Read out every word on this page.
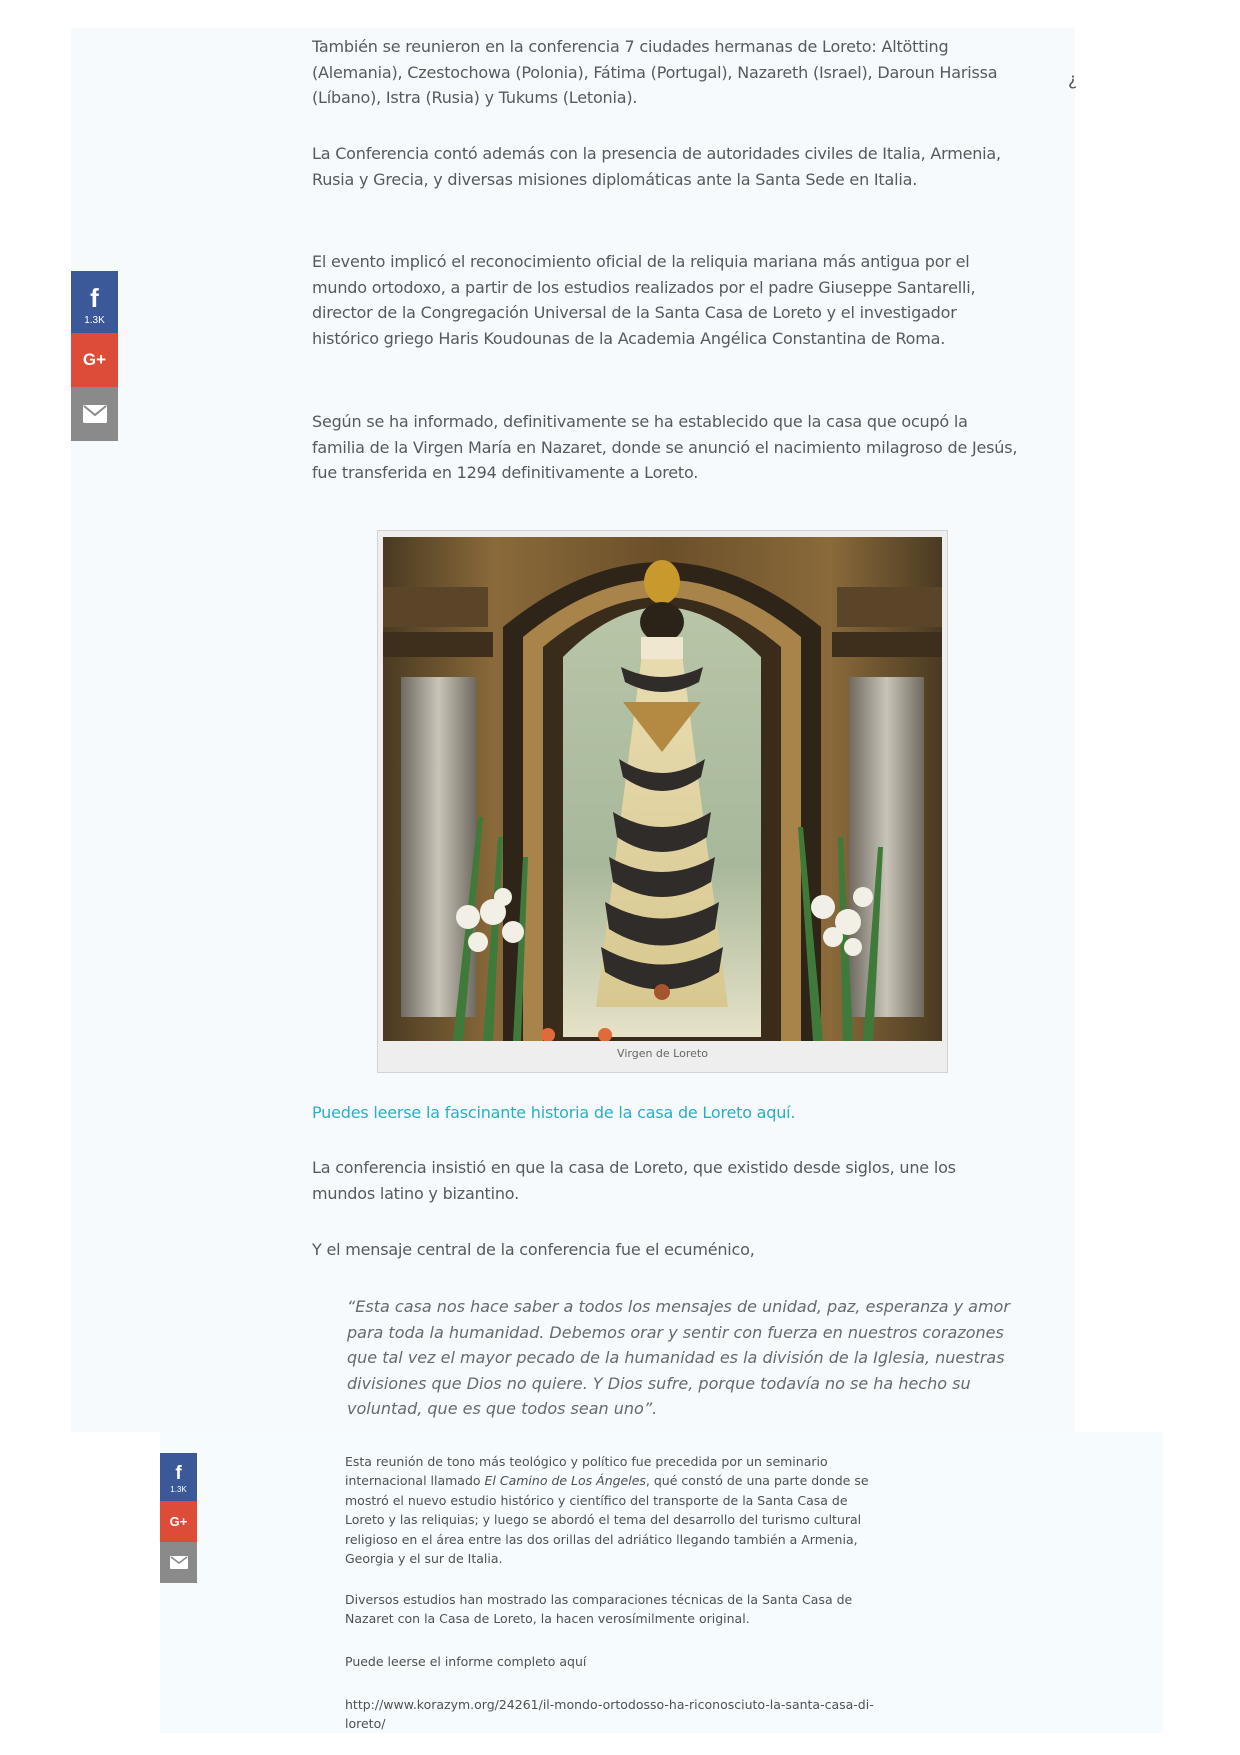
¿
f
1.3K
G+

También se reunieron en la conferencia 7 ciudades hermanas de Loreto: Altötting (Alemania), Czestochowa (Polonia), Fátima (Portugal), Nazareth (Israel), Daroun Harissa (Líbano), Istra (Rusia) y Tukums (Letonia).

La Conferencia contó además con la presencia de autoridades civiles de Italia, Armenia, Rusia y Grecia, y diversas misiones diplomáticas ante la Santa Sede en Italia.

El evento implicó el reconocimiento oficial de la reliquia mariana más antigua por el mundo ortodoxo, a partir de los estudios realizados por el padre Giuseppe Santarelli, director de la Congregación Universal de la Santa Casa de Loreto y el investigador histórico griego Haris Koudounas de la Academia Angélica Constantina de Roma.

Según se ha informado, definitivamente se ha establecido que la casa que ocupó la familia de la Virgen María en Nazaret, donde se anunció el nacimiento milagroso de Jesús, fue transferida en 1294 definitivamente a Loreto.

Virgen de Loreto
Puedes leerse la fascinante historia de la casa de Loreto aquí.

La conferencia insistió en que la casa de Loreto, que existido desde siglos, une los mundos latino y bizantino.

Y el mensaje central de la conferencia fue el ecuménico,

“Esta casa nos hace saber a todos los mensajes de unidad, paz, esperanza y amor para toda la humanidad. Debemos orar y sentir con fuerza en nuestros corazones que tal vez el mayor pecado de la humanidad es la división de la Iglesia, nuestras divisiones que Dios no quiere. Y Dios sufre, porque todavía no se ha hecho su voluntad, que es que todos sean uno”.

f
1.3K
G+

Esta reunión de tono más teológico y político fue precedida por un seminario internacional llamado El Camino de Los Ángeles, qué constó de una parte donde se mostró el nuevo estudio histórico y científico del transporte de la Santa Casa de Loreto y las reliquias; y luego se abordó el tema del desarrollo del turismo cultural religioso en el área entre las dos orillas del adriático llegando también a Armenia, Georgia y el sur de Italia.

Diversos estudios han mostrado las comparaciones técnicas de la Santa Casa de Nazaret con la Casa de Loreto, la hacen verosímilmente original.

Puede leerse el informe completo aquí

http://www.korazym.org/24261/il-mondo-ortodosso-ha-riconosciuto-la-santa-casa-di-loreto/
